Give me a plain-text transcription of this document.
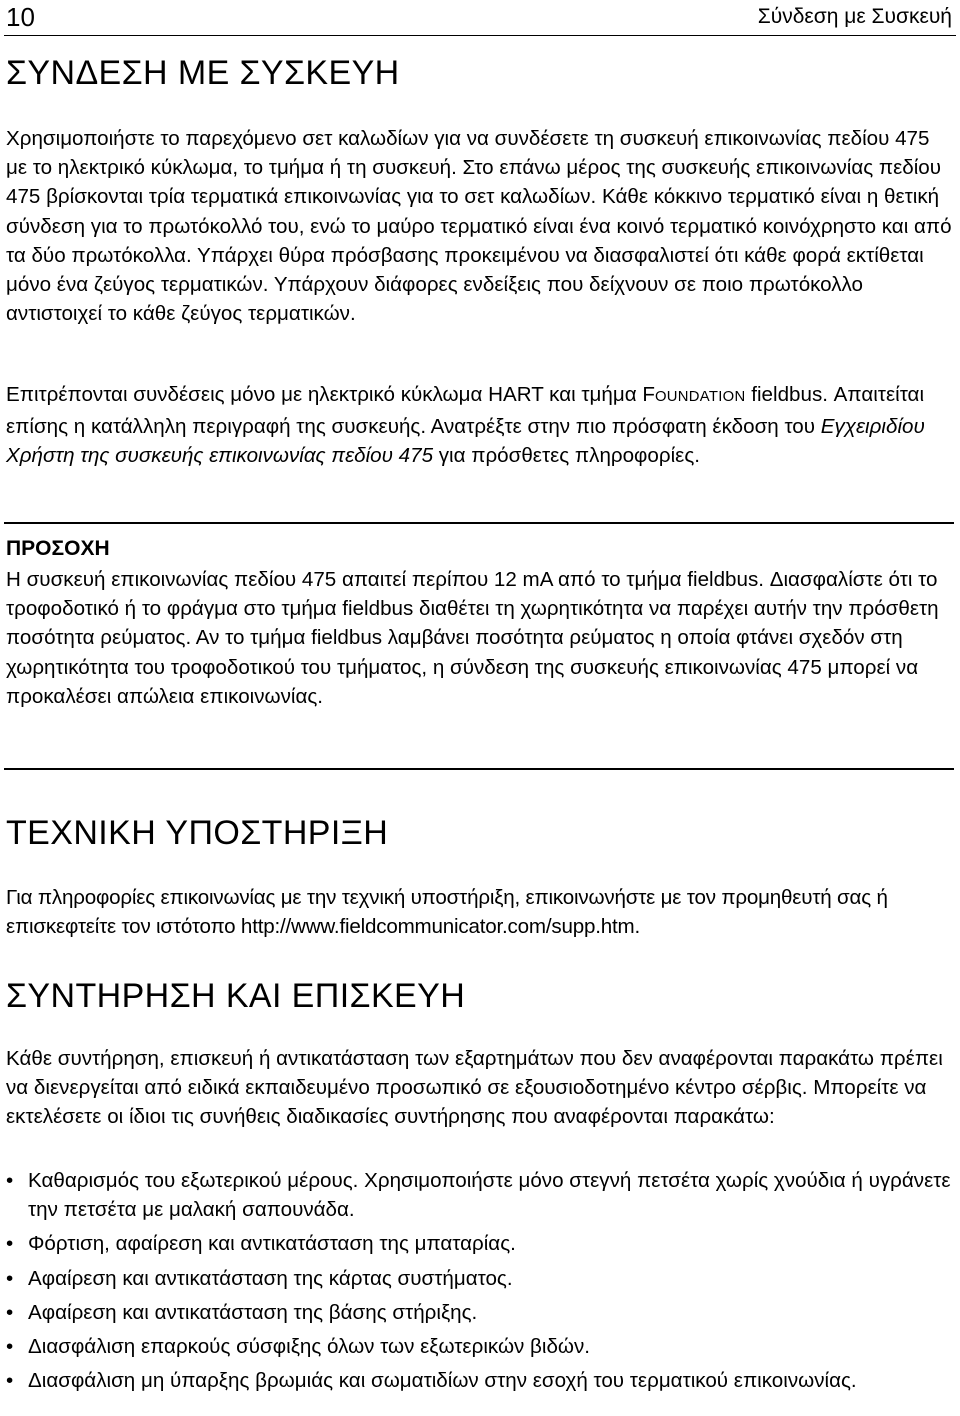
10	Σύνδεση με Συσκευή
ΣΥΝΔΕΣΗ ΜΕ ΣΥΣΚΕΥΗ

Χρησιμοποιήστε το παρεχόμενο σετ καλωδίων για να συνδέσετε τη συσκευή επικοινωνίας πεδίου 475 με το ηλεκτρικό κύκλωμα, το τμήμα ή τη συσκευή. Στο επάνω μέρος της συσκευής επικοινωνίας πεδίου 475 βρίσκονται τρία τερματικά επικοινωνίας για το σετ καλωδίων. Κάθε κόκκινο τερματικό είναι η θετική σύνδεση για το πρωτόκολλό του, ενώ το μαύρο τερματικό είναι ένα κοινό τερματικό κοινόχρηστο και από τα δύο πρωτόκολλα. Υπάρχει θύρα πρόσβασης προκειμένου να διασφαλιστεί ότι κάθε φορά εκτίθεται μόνο ένα ζεύγος τερματικών. Υπάρχουν διάφορες ενδείξεις που δείχνουν σε ποιο πρωτόκολλο αντιστοιχεί το κάθε ζεύγος τερματικών.

Επιτρέπονται συνδέσεις μόνο με ηλεκτρικό κύκλωμα HART και τμήμα FOUNDATION fieldbus. Απαιτείται επίσης η κατάλληλη περιγραφή της συσκευής. Ανατρέξτε στην πιο πρόσφατη έκδοση του Εγχειριδίου Χρήστη της συσκευής επικοινωνίας πεδίου 475 για πρόσθετες πληροφορίες.

ΠΡΟΣΟΧΗ

Η συσκευή επικοινωνίας πεδίου 475 απαιτεί περίπου 12 mA από το τμήμα fieldbus. Διασφαλίστε ότι το τροφοδοτικό ή το φράγμα στο τμήμα fieldbus διαθέτει τη χωρητικότητα να παρέχει αυτήν την πρόσθετη ποσότητα ρεύματος. Αν το τμήμα fieldbus λαμβάνει ποσότητα ρεύματος η οποία φτάνει σχεδόν στη χωρητικότητα του τροφοδοτικού του τμήματος, η σύνδεση της συσκευής επικοινωνίας 475 μπορεί να προκαλέσει απώλεια επικοινωνίας.

ΤΕΧΝΙΚΗ ΥΠΟΣΤΗΡΙΞΗ

Για πληροφορίες επικοινωνίας με την τεχνική υποστήριξη, επικοινωνήστε με τον προμηθευτή σας ή επισκεφτείτε τον ιστότοπο http://www.fieldcommunicator.com/supp.htm.

ΣΥΝΤΗΡΗΣΗ ΚΑΙ ΕΠΙΣΚΕΥΗ

Κάθε συντήρηση, επισκευή ή αντικατάσταση των εξαρτημάτων που δεν αναφέρονται παρακάτω πρέπει να διενεργείται από ειδικά εκπαιδευμένο προσωπικό σε εξουσιοδοτημένο κέντρο σέρβις. Μπορείτε να εκτελέσετε οι ίδιοι τις συνήθεις διαδικασίες συντήρησης που αναφέρονται παρακάτω:

• Καθαρισμός του εξωτερικού μέρους. Χρησιμοποιήστε μόνο στεγνή πετσέτα χωρίς χνούδια ή υγράνετε την πετσέτα με μαλακή σαπουνάδα.
• Φόρτιση, αφαίρεση και αντικατάσταση της μπαταρίας.
• Αφαίρεση και αντικατάσταση της κάρτας συστήματος.
• Αφαίρεση και αντικατάσταση της βάσης στήριξης.
• Διασφάλιση επαρκούς σύσφιξης όλων των εξωτερικών βιδών.
• Διασφάλιση μη ύπαρξης βρωμιάς και σωματιδίων στην εσοχή του τερματικού επικοινωνίας.
